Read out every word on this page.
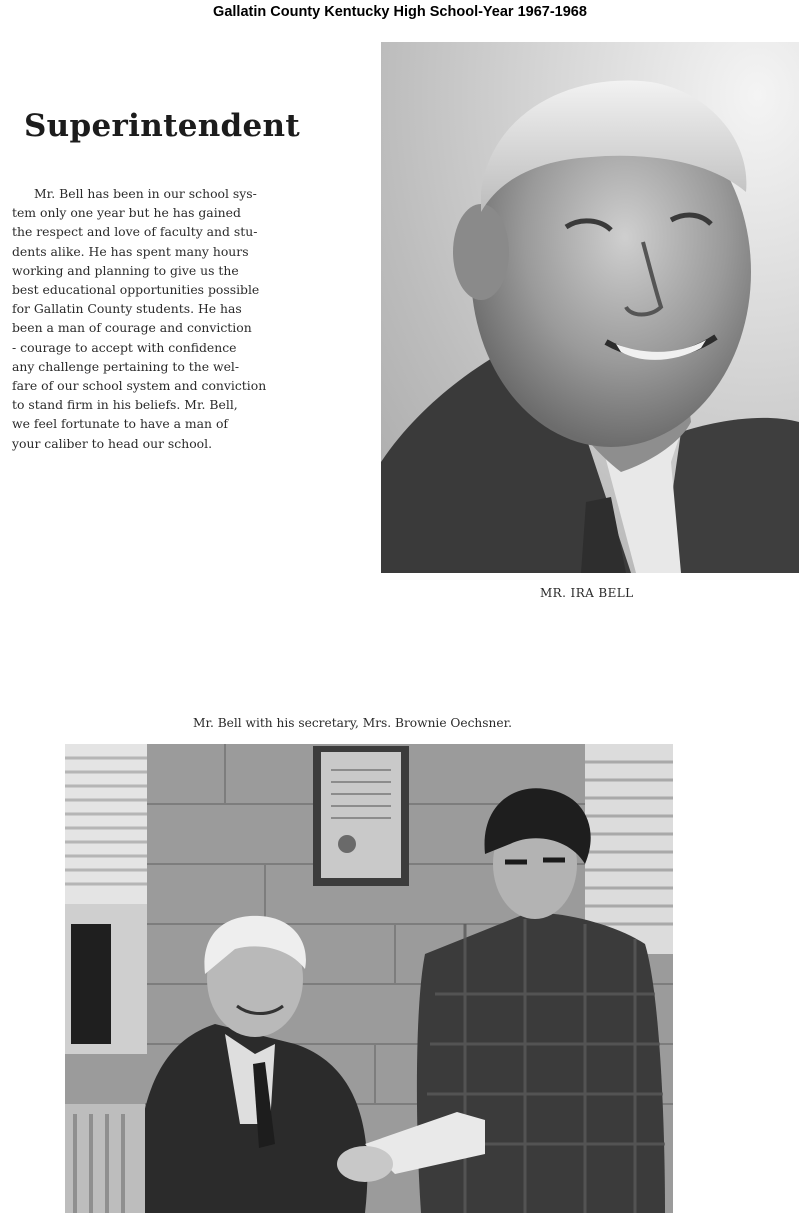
Gallatin County Kentucky High School-Year 1967-1968
Superintendent

Mr. Bell has been in our school sys-
tem only one year but he has gained
the respect and love of faculty and stu-
dents alike. He has spent many hours
working and planning to give us the
best educational opportunities possible
for Gallatin County students. He has
been a man of courage and conviction
- courage to accept with confidence
any challenge pertaining to the wel-
fare of our school system and conviction
to stand firm in his beliefs. Mr. Bell,
we feel fortunate to have a man of
your caliber to head our school.

MR. IRA BELL
Mr. Bell with his secretary, Mrs. Brownie Oechsner.
